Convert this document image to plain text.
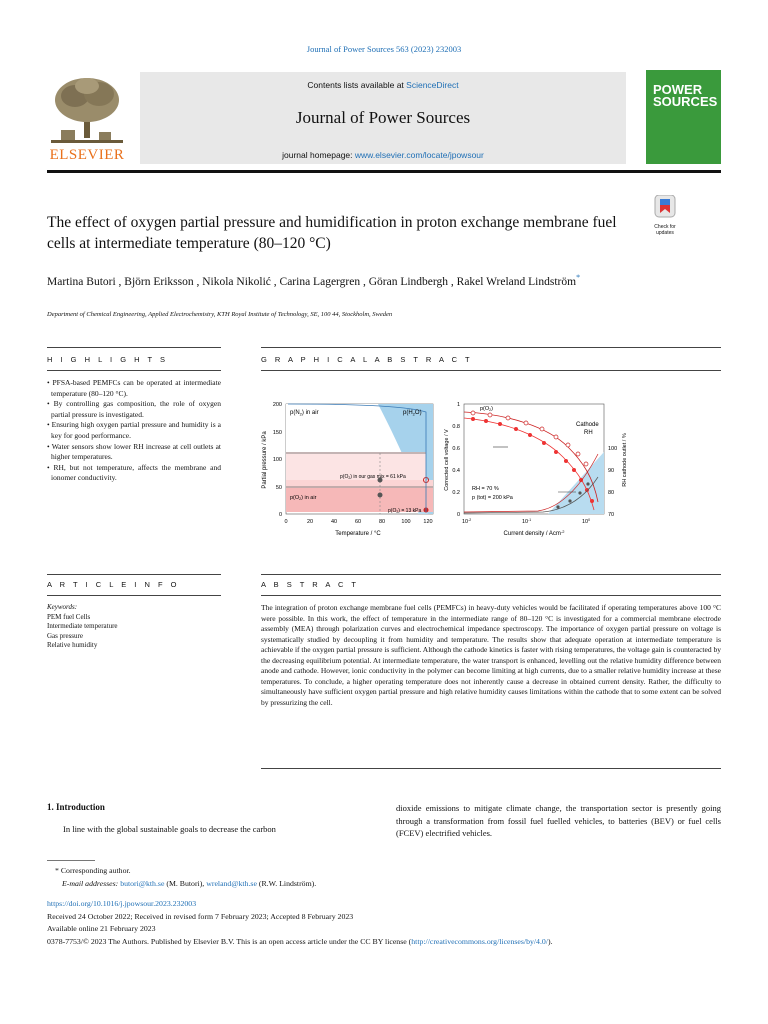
Journal of Power Sources 563 (2023) 232003
ELSEVIER
Contents lists available at ScienceDirect
Journal of Power Sources
journal homepage: www.elsevier.com/locate/jpowsour
POWER
SOURCES
The effect of oxygen partial pressure and humidification in proton exchange membrane fuel cells at intermediate temperature (80–120 °C)
Check for updates
Martina Butori , Björn Eriksson , Nikola Nikolić , Carina Lagergren , Göran Lindbergh , Rakel Wreland Lindström*
Department of Chemical Engineering, Applied Electrochemistry, KTH Royal Institute of Technology, SE, 100 44, Stockholm, Sweden
H I G H L I G H T S	G R A P H I C A L A B S T R A C T
• PFSA-based PEMFCs can be operated at intermediate temperature (80–120 °C).
• By controlling gas composition, the role of oxygen partial pressure is investigated.
• Ensuring high oxygen partial pressure and humidity is a key for good performance.
• Water sensors show lower RH increase at cell outlets at higher temperatures.
• RH, but not temperature, affects the membrane and ionomer conductivity.
$p(N_2)$ in air	$p(H_2O)$
$p(O_2)$ in our gas mix = 61 kPa
$p(O_2)$ in air
$p(O_2) = 13$ kPa
200
150
100
50
0
0	20	40	60	80	100 120
Temperature / °C
Partial pressure / kPa
$p(O_2)$
Cathode
RH
RH = 70 %
p (tot) = 200 kPa
1
0.8
0.6
0.4
0.2
0	70
80
90
100
$10^{-2}$	$10^{-1}$	$10^0$
Current density / Acm$^{-2}$
Corrected cell voltage / V	RH cathode outlet / %
A R T I C L E I N F O	A B S T R A C T
Keywords:
PEM fuel Cells
Intermediate temperature
Gas pressure
Relative humidity
The integration of proton exchange membrane fuel cells (PEMFCs) in heavy-duty vehicles would be facilitated if operating temperatures above 100 °C were possible. In this work, the effect of temperature in the intermediate range of 80–120 °C is investigated for a commercial membrane electrode assembly (MEA) through polarization curves and electrochemical impedance spectroscopy. The importance of oxygen partial pressure on voltage is systematically studied by decoupling it from humidity and temperature. The results show that adequate operation at intermediate temperature is achievable if the oxygen partial pressure is sufficient. Although the cathode kinetics is faster with rising temperatures, the voltage gain is counteracted by the decreasing equilibrium potential. At intermediate temperature, the water transport is enhanced, levelling out the relative humidity difference between anode and cathode. However, ionic conductivity in the polymer can become limiting at high currents, due to a smaller relative humidity increase at these temperatures. To conclude, a higher operating temperature does not inherently cause a decrease in obtained current density. Rather, the difficulty to simultaneously have sufficient oxygen partial pressure and high relative humidity causes limitations within the cathode that to some extent can be solved by pressurizing the cell.
1. Introduction
In line with the global sustainable goals to decrease the carbon
dioxide emissions to mitigate climate change, the transportation sector is presently going through a transformation from fossil fuel fuelled vehicles, to batteries (BEV) or fuel cells (FCEV) electrified vehicles.
* Corresponding author.
E-mail addresses: butori@kth.se (M. Butori), wreland@kth.se (R.W. Lindström).
https://doi.org/10.1016/j.jpowsour.2023.232003
Received 24 October 2022; Received in revised form 7 February 2023; Accepted 8 February 2023
Available online 21 February 2023
0378-7753/© 2023 The Authors. Published by Elsevier B.V. This is an open access article under the CC BY license (http://creativecommons.org/licenses/by/4.0/).
